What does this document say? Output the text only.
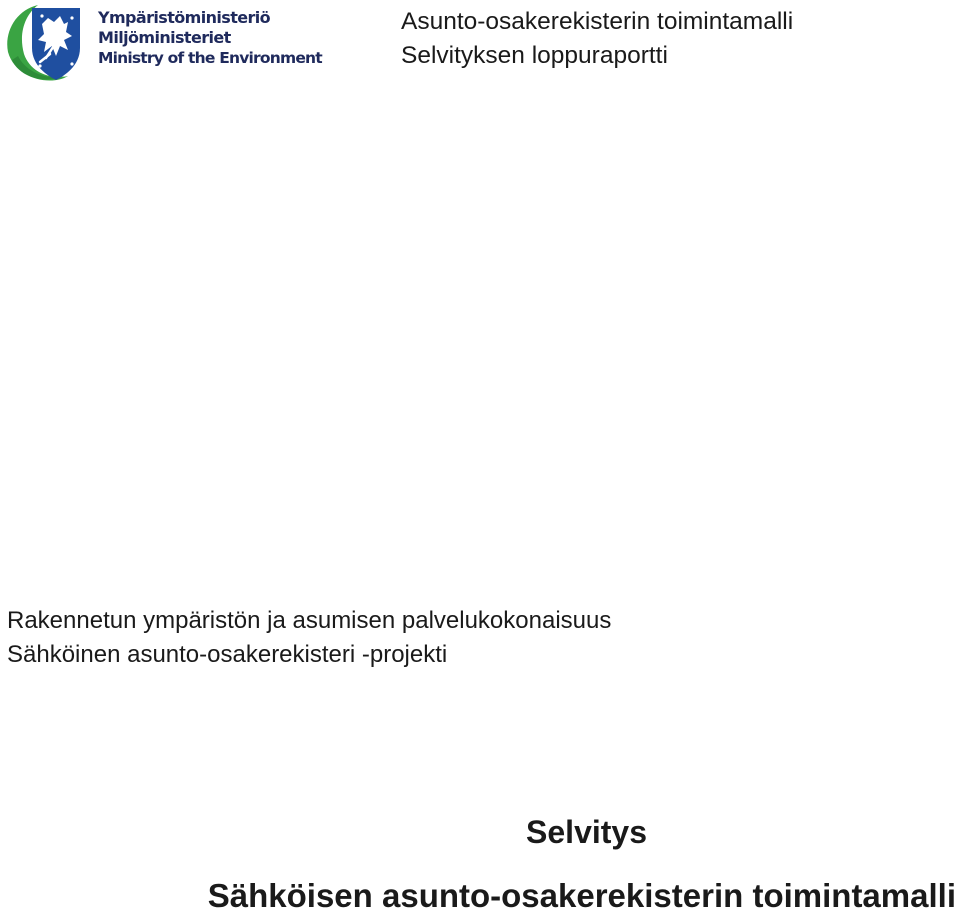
Ympäristöministeriö
Miljöministeriet
Ministry of the Environment
Asunto-osakerekisterin toimintamalli
Selvityksen loppuraportti
Rakennetun ympäristön ja asumisen palvelukokonaisuus
Sähköinen asunto-osakerekisteri -projekti
Selvitys
Sähköisen asunto-osakerekisterin toimintamalli
